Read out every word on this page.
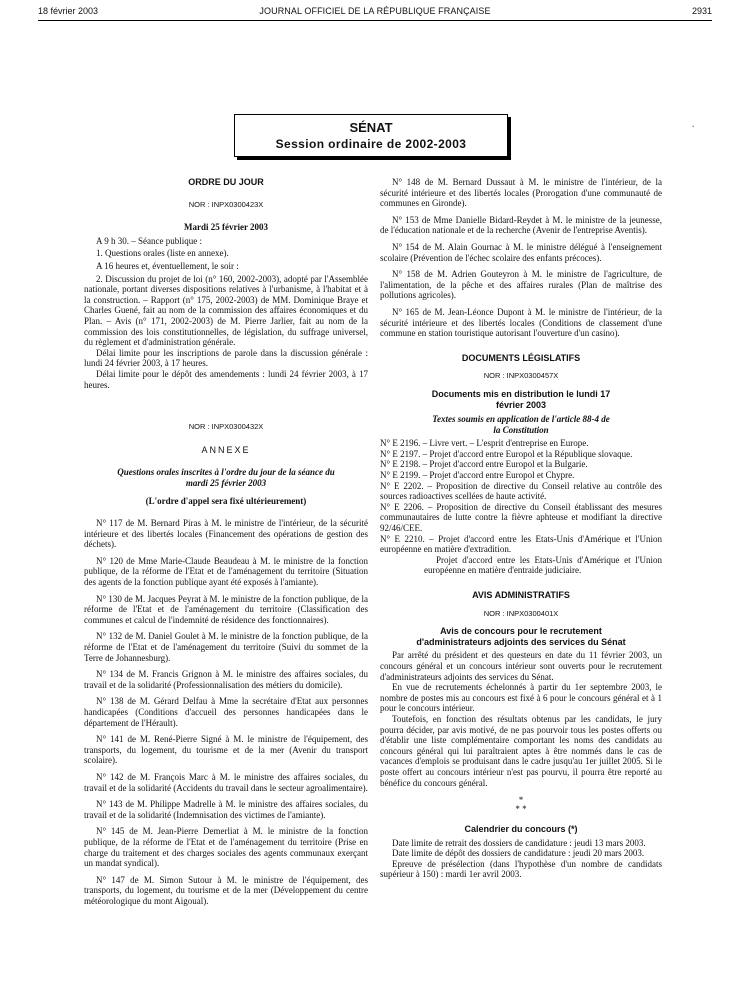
18 février 2003	JOURNAL OFFICIEL DE LA RÉPUBLIQUE FRANÇAISE	2931
SÉNAT
Session ordinaire de 2002-2003
‘

ORDRE DU JOUR

NOR : INPX0300423X

Mardi 25 février 2003

A 9 h 30. – Séance publique :

1. Questions orales (liste en annexe).

A 16 heures et, éventuellement, le soir :

2. Discussion du projet de loi (n° 160, 2002-2003), adopté par l'Assemblée nationale, portant diverses dispositions relatives à l'urbanisme, à l'habitat et à la construction. – Rapport (n° 175, 2002-2003) de MM. Dominique Braye et Charles Guené, fait au nom de la commission des affaires économiques et du Plan. – Avis (n° 171, 2002-2003) de M. Pierre Jarlier, fait au nom de la commission des lois constitutionnelles, de législation, du suffrage universel, du règlement et d'administration générale.

Délai limite pour les inscriptions de parole dans la discussion générale : lundi 24 février 2003, à 17 heures.

Délai limite pour le dépôt des amendements : lundi 24 février 2003, à 17 heures.

NOR : INPX0300432X

ANNEXE

Questions orales inscrites à l'ordre du jour de la séance du mardi 25 février 2003

(L'ordre d'appel sera fixé ultérieurement)

N° 117 de M. Bernard Piras à M. le ministre de l'intérieur, de la sécurité intérieure et des libertés locales (Financement des opérations de gestion des déchets).

N° 120 de Mme Marie-Claude Beaudeau à M. le ministre de la fonction publique, de la réforme de l'Etat et de l'aménagement du territoire (Situation des agents de la fonction publique ayant été exposés à l'amiante).

N° 130 de M. Jacques Peyrat à M. le ministre de la fonction publique, de la réforme de l'Etat et de l'aménagement du territoire (Classification des communes et calcul de l'indemnité de résidence des fonctionnaires).

N° 132 de M. Daniel Goulet à M. le ministre de la fonction publique, de la réforme de l'Etat et de l'aménagement du territoire (Suivi du sommet de la Terre de Johannesburg).

N° 134 de M. Francis Grignon à M. le ministre des affaires sociales, du travail et de la solidarité (Professionnalisation des métiers du domicile).

N° 138 de M. Gérard Delfau à Mme la secrétaire d'Etat aux personnes handicapées (Conditions d'accueil des personnes handicapées dans le département de l'Hérault).

N° 141 de M. René-Pierre Signé à M. le ministre de l'équipement, des transports, du logement, du tourisme et de la mer (Avenir du transport scolaire).

N° 142 de M. François Marc à M. le ministre des affaires sociales, du travail et de la solidarité (Accidents du travail dans le secteur agroalimentaire).

N° 143 de M. Philippe Madrelle à M. le ministre des affaires sociales, du travail et de la solidarité (Indemnisation des victimes de l'amiante).

N° 145 de M. Jean-Pierre Demerliat à M. le ministre de la fonction publique, de la réforme de l'Etat et de l'aménagement du territoire (Prise en charge du traitement et des charges sociales des agents communaux exerçant un mandat syndical).

N° 147 de M. Simon Sutour à M. le ministre de l'équipement, des transports, du logement, du tourisme et de la mer (Développement du centre météorologique du mont Aigoual).

N° 148 de M. Bernard Dussaut à M. le ministre de l'intérieur, de la sécurité intérieure et des libertés locales (Prorogation d'une communauté de communes en Gironde).

N° 153 de Mme Danielle Bidard-Reydet à M. le ministre de la jeunesse, de l'éducation nationale et de la recherche (Avenir de l'entreprise Aventis).

N° 154 de M. Alain Gournac à M. le ministre délégué à l'enseignement scolaire (Prévention de l'échec scolaire des enfants précoces).

N° 158 de M. Adrien Gouteyron à M. le ministre de l'agriculture, de l'alimentation, de la pêche et des affaires rurales (Plan de maîtrise des pollutions agricoles).

N° 165 de M. Jean-Léonce Dupont à M. le ministre de l'intérieur, de la sécurité intérieure et des libertés locales (Conditions de classement d'une commune en station touristique autorisant l'ouverture d'un casino).

DOCUMENTS LÉGISLATIFS

NOR : INPX0300457X

Documents mis en distribution le lundi 17 février 2003

Textes soumis en application de l'article 88-4 de la Constitution

N° E 2196. – Livre vert. – L'esprit d'entreprise en Europe.

N° E 2197. – Projet d'accord entre Europol et la République slovaque.

N° E 2198. – Projet d'accord entre Europol et la Bulgarie.

N° E 2199. – Projet d'accord entre Europol et Chypre.

N° E 2202. – Proposition de directive du Conseil relative au contrôle des sources radioactives scellées de haute activité.

N° E 2206. – Proposition de directive du Conseil établissant des mesures communautaires de lutte contre la fièvre aphteuse et modifiant la directive 92/46/CEE.

N° E 2210. – Projet d'accord entre les Etats-Unis d'Amérique et l'Union européenne en matière d'extradition.

Projet d'accord entre les Etats-Unis d'Amérique et l'Union européenne en matière d'entraide judiciaire.

AVIS ADMINISTRATIFS

NOR : INPX0300401X

Avis de concours pour le recrutement d'administrateurs adjoints des services du Sénat

Par arrêté du président et des questeurs en date du 11 février 2003, un concours général et un concours intérieur sont ouverts pour le recrutement d'administrateurs adjoints des services du Sénat.

En vue de recrutements échelonnés à partir du 1er septembre 2003, le nombre de postes mis au concours est fixé à 6 pour le concours général et à 1 pour le concours intérieur.

Toutefois, en fonction des résultats obtenus par les candidats, le jury pourra décider, par avis motivé, de ne pas pourvoir tous les postes offerts ou d'établir une liste complémentaire comportant les noms des candidats au concours général qui lui paraîtraient aptes à être nommés dans le cas de vacances d'emplois se produisant dans le cadre jusqu'au 1er juillet 2005. Si le poste offert au concours intérieur n'est pas pourvu, il pourra être reporté au bénéfice du concours général.

*

* *

Calendrier du concours (*)

Date limite de retrait des dossiers de candidature : jeudi 13 mars 2003.

Date limite de dépôt des dossiers de candidature : jeudi 20 mars 2003.

Epreuve de présélection (dans l'hypothèse d'un nombre de candidats supérieur à 150) : mardi 1er avril 2003.
